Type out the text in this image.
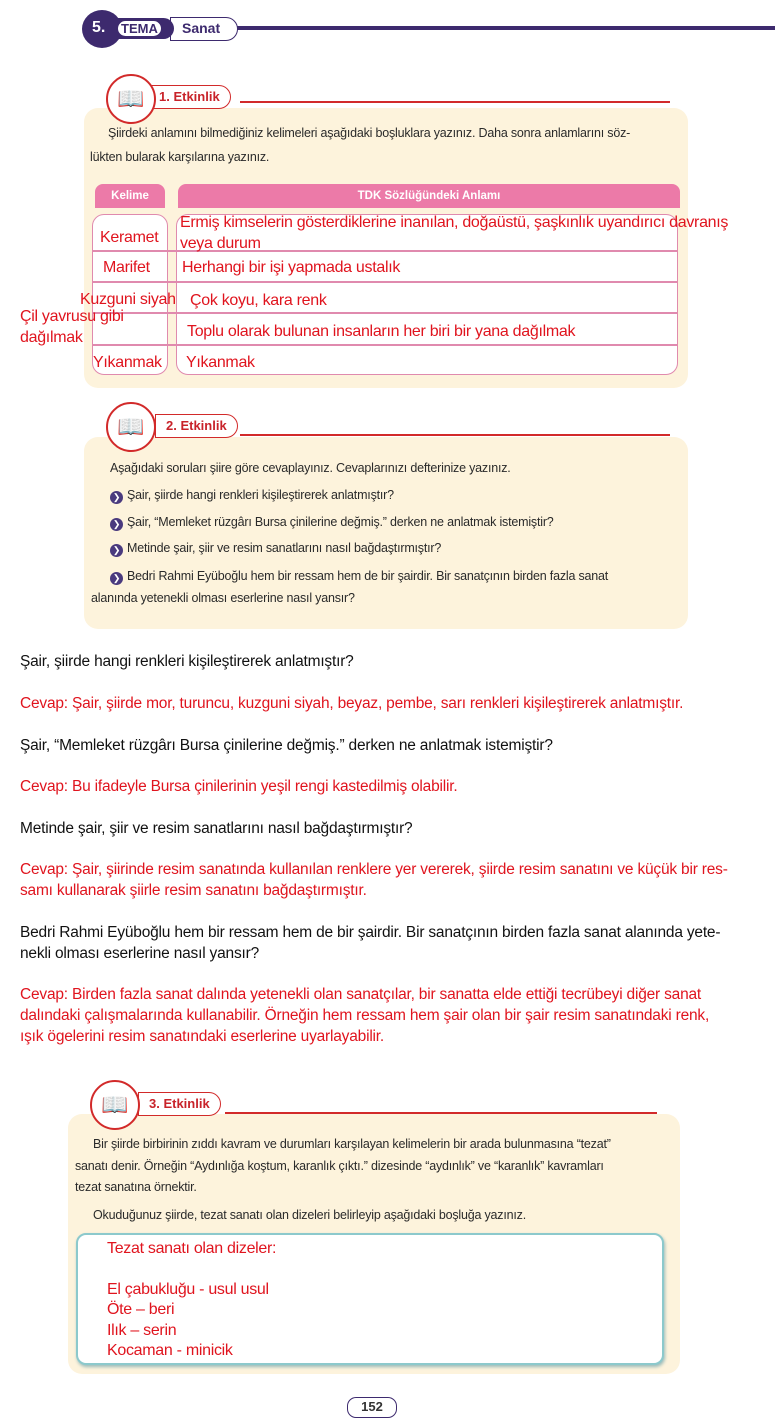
5. TEMA Sanat
1. Etkinlik
📖
Şiirdeki anlamını bilmediğiniz kelimeleri aşağıdaki boşluklara yazınız. Daha sonra anlamlarını söz-
lükten bularak karşılarına yazınız.
Kelime	TDK Sözlüğündeki Anlamı
Keramet
Ermiş kimselerin gösterdiklerine inanılan, doğaüstü, şaşkınlık uyandırıcı davranış
veya durum
Marifet Herhangi bir işi yapmada ustalık
Kuzguni siyah Çok koyu, kara renk
Çil yavrusu gibi
dağılmak	Toplu olarak bulunan insanların her biri bir yana dağılmak
Yıkanmak Yıkanmak
2. Etkinlik
📖
Aşağıdaki soruları şiire göre cevaplayınız. Cevaplarınızı defterinize yazınız.
❯ Şair, şiirde hangi renkleri kişileştirerek anlatmıştır?
❯ Şair, “Memleket rüzgârı Bursa çinilerine değmiş.” derken ne anlatmak istemiştir?
❯ Metinde şair, şiir ve resim sanatlarını nasıl bağdaştırmıştır?
❯ Bedri Rahmi Eyüboğlu hem bir ressam hem de bir şairdir. Bir sanatçının birden fazla sanat
alanında yetenekli olması eserlerine nasıl yansır?
Şair, şiirde hangi renkleri kişileştirerek anlatmıştır?
Cevap: Şair, şiirde mor, turuncu, kuzguni siyah, beyaz, pembe, sarı renkleri kişileştirerek anlatmıştır.
Şair, “Memleket rüzgârı Bursa çinilerine değmiş.” derken ne anlatmak istemiştir?
Cevap: Bu ifadeyle Bursa çinilerinin yeşil rengi kastedilmiş olabilir.
Metinde şair, şiir ve resim sanatlarını nasıl bağdaştırmıştır?
Cevap: Şair, şiirinde resim sanatında kullanılan renklere yer vererek, şiirde resim sanatını ve küçük bir res-
samı kullanarak şiirle resim sanatını bağdaştırmıştır.
Bedri Rahmi Eyüboğlu hem bir ressam hem de bir şairdir. Bir sanatçının birden fazla sanat alanında yete-
nekli olması eserlerine nasıl yansır?
Cevap: Birden fazla sanat dalında yetenekli olan sanatçılar, bir sanatta elde ettiği tecrübeyi diğer sanat
dalındaki çalışmalarında kullanabilir. Örneğin hem ressam hem şair olan bir şair resim sanatındaki renk,
ışık ögelerini resim sanatındaki eserlerine uyarlayabilir.
3. Etkinlik
📖
Bir şiirde birbirinin zıddı kavram ve durumları karşılayan kelimelerin bir arada bulunmasına “tezat”
sanatı denir. Örneğin “Aydınlığa koştum, karanlık çıktı.” dizesinde “aydınlık” ve “karanlık” kavramları
tezat sanatına örnektir.
Okuduğunuz şiirde, tezat sanatı olan dizeleri belirleyip aşağıdaki boşluğa yazınız.
Tezat sanatı olan dizeler:
El çabukluğu - usul usul
Öte – beri
Ilık – serin
Kocaman - minicik
152
